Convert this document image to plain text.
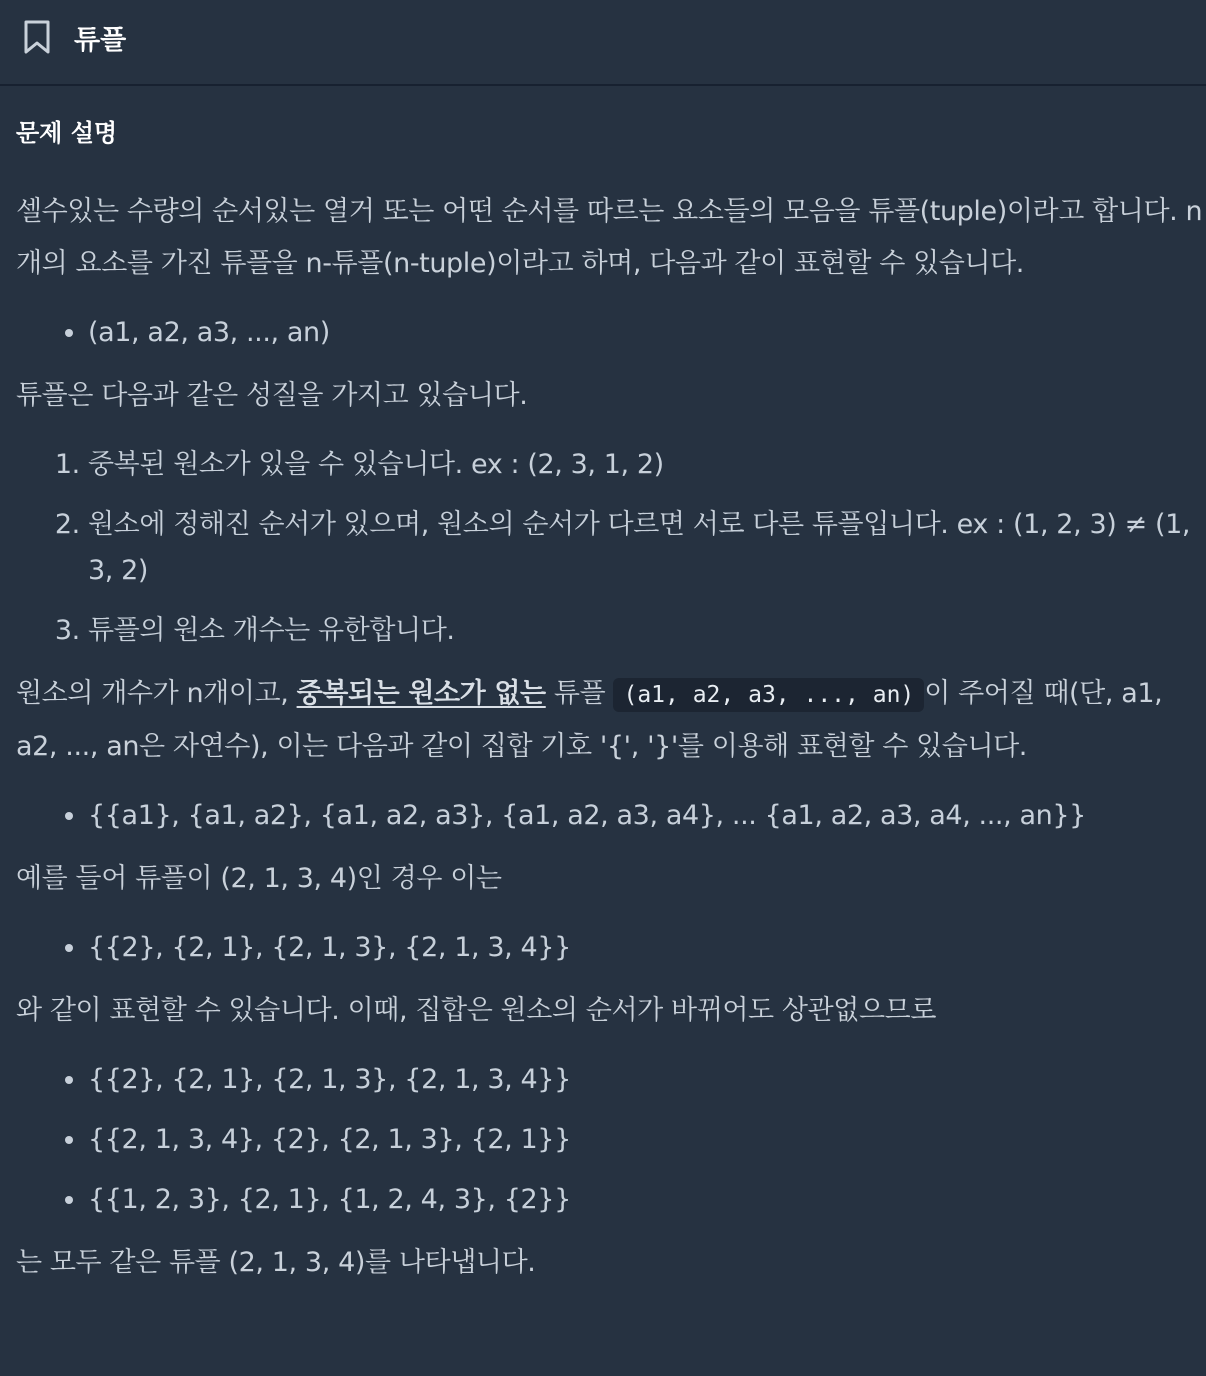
튜플
문제 설명

셀수있는 수량의 순서있는 열거 또는 어떤 순서를 따르는 요소들의 모음을 튜플(tuple)이라고 합니다. n개의 요소를 가진 튜플을 n-튜플(n-tuple)이라고 하며, 다음과 같이 표현할 수 있습니다.

• (a1, a2, a3, ..., an)

튜플은 다음과 같은 성질을 가지고 있습니다.

1. 중복된 원소가 있을 수 있습니다. ex : (2, 3, 1, 2)
2. 원소에 정해진 순서가 있으며, 원소의 순서가 다르면 서로 다른 튜플입니다. ex : (1, 2, 3) ≠ (1, 3, 2)
3. 튜플의 원소 개수는 유한합니다.

원소의 개수가 n개이고, 중복되는 원소가 없는 튜플 (a1, a2, a3, ..., an) 이 주어질 때(단, a1, a2, ..., an은 자연수), 이는 다음과 같이 집합 기호 '{', '}'를 이용해 표현할 수 있습니다.

• {{a1}, {a1, a2}, {a1, a2, a3}, {a1, a2, a3, a4}, ... {a1, a2, a3, a4, ..., an}}

예를 들어 튜플이 (2, 1, 3, 4)인 경우 이는

• {{2}, {2, 1}, {2, 1, 3}, {2, 1, 3, 4}}

와 같이 표현할 수 있습니다. 이때, 집합은 원소의 순서가 바뀌어도 상관없으므로

• {{2}, {2, 1}, {2, 1, 3}, {2, 1, 3, 4}}
• {{2, 1, 3, 4}, {2}, {2, 1, 3}, {2, 1}}
• {{1, 2, 3}, {2, 1}, {1, 2, 4, 3}, {2}}

는 모두 같은 튜플 (2, 1, 3, 4)를 나타냅니다.
